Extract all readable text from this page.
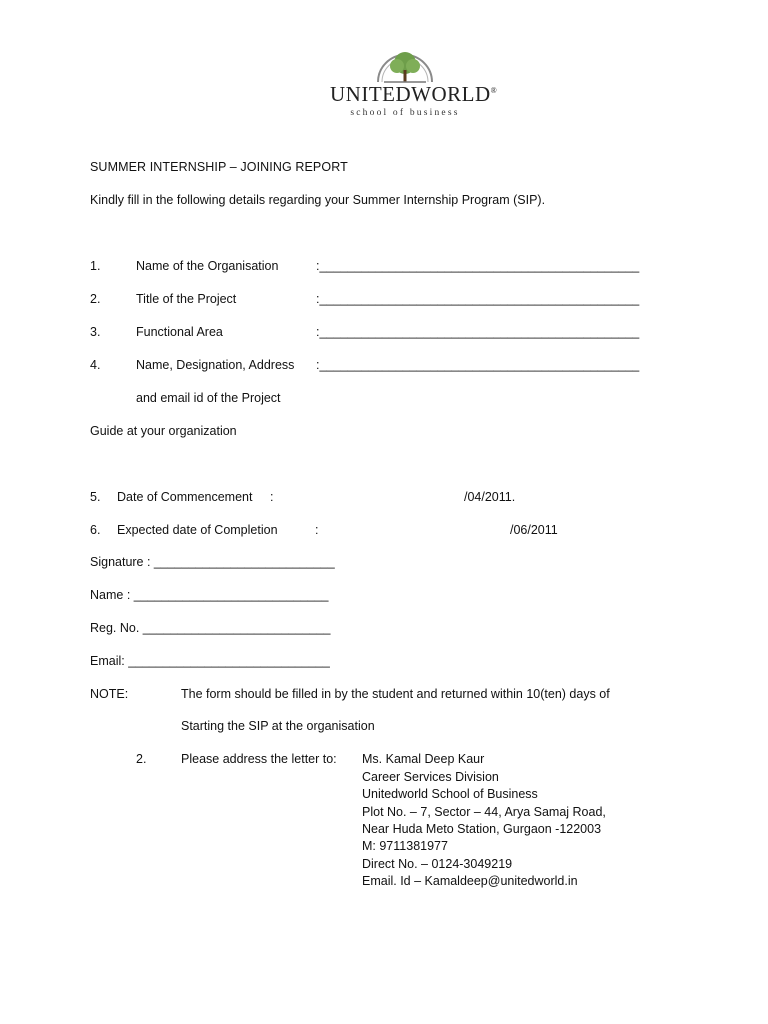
UNITEDWORLD®
school of business
SUMMER INTERNSHIP – JOINING REPORT
Kindly fill in the following details regarding your Summer Internship Program (SIP).
1.	Name of the Organisation	:______________________________________________
2.	Title of the Project	:______________________________________________
3.	Functional Area	:______________________________________________
4.	Name, Designation, Address :______________________________________________
and email id of the Project
Guide at your organization
5. Date of Commencement :	/04/2011.
6. Expected date of Completion	:	/06/2011
Signature : __________________________
Name : ____________________________
Reg. No. ___________________________
Email: _____________________________
NOTE:	The form should be filled in by the student and returned within 10(ten) days of
Starting the SIP at the organisation
2.	Please address the letter to: Ms. Kamal Deep Kaur
Career Services Division
Unitedworld School of Business
Plot No. – 7, Sector – 44, Arya Samaj Road,
Near Huda Meto Station, Gurgaon -122003
M: 9711381977
Direct No. – 0124-3049219
Email. Id – Kamaldeep@unitedworld.in
